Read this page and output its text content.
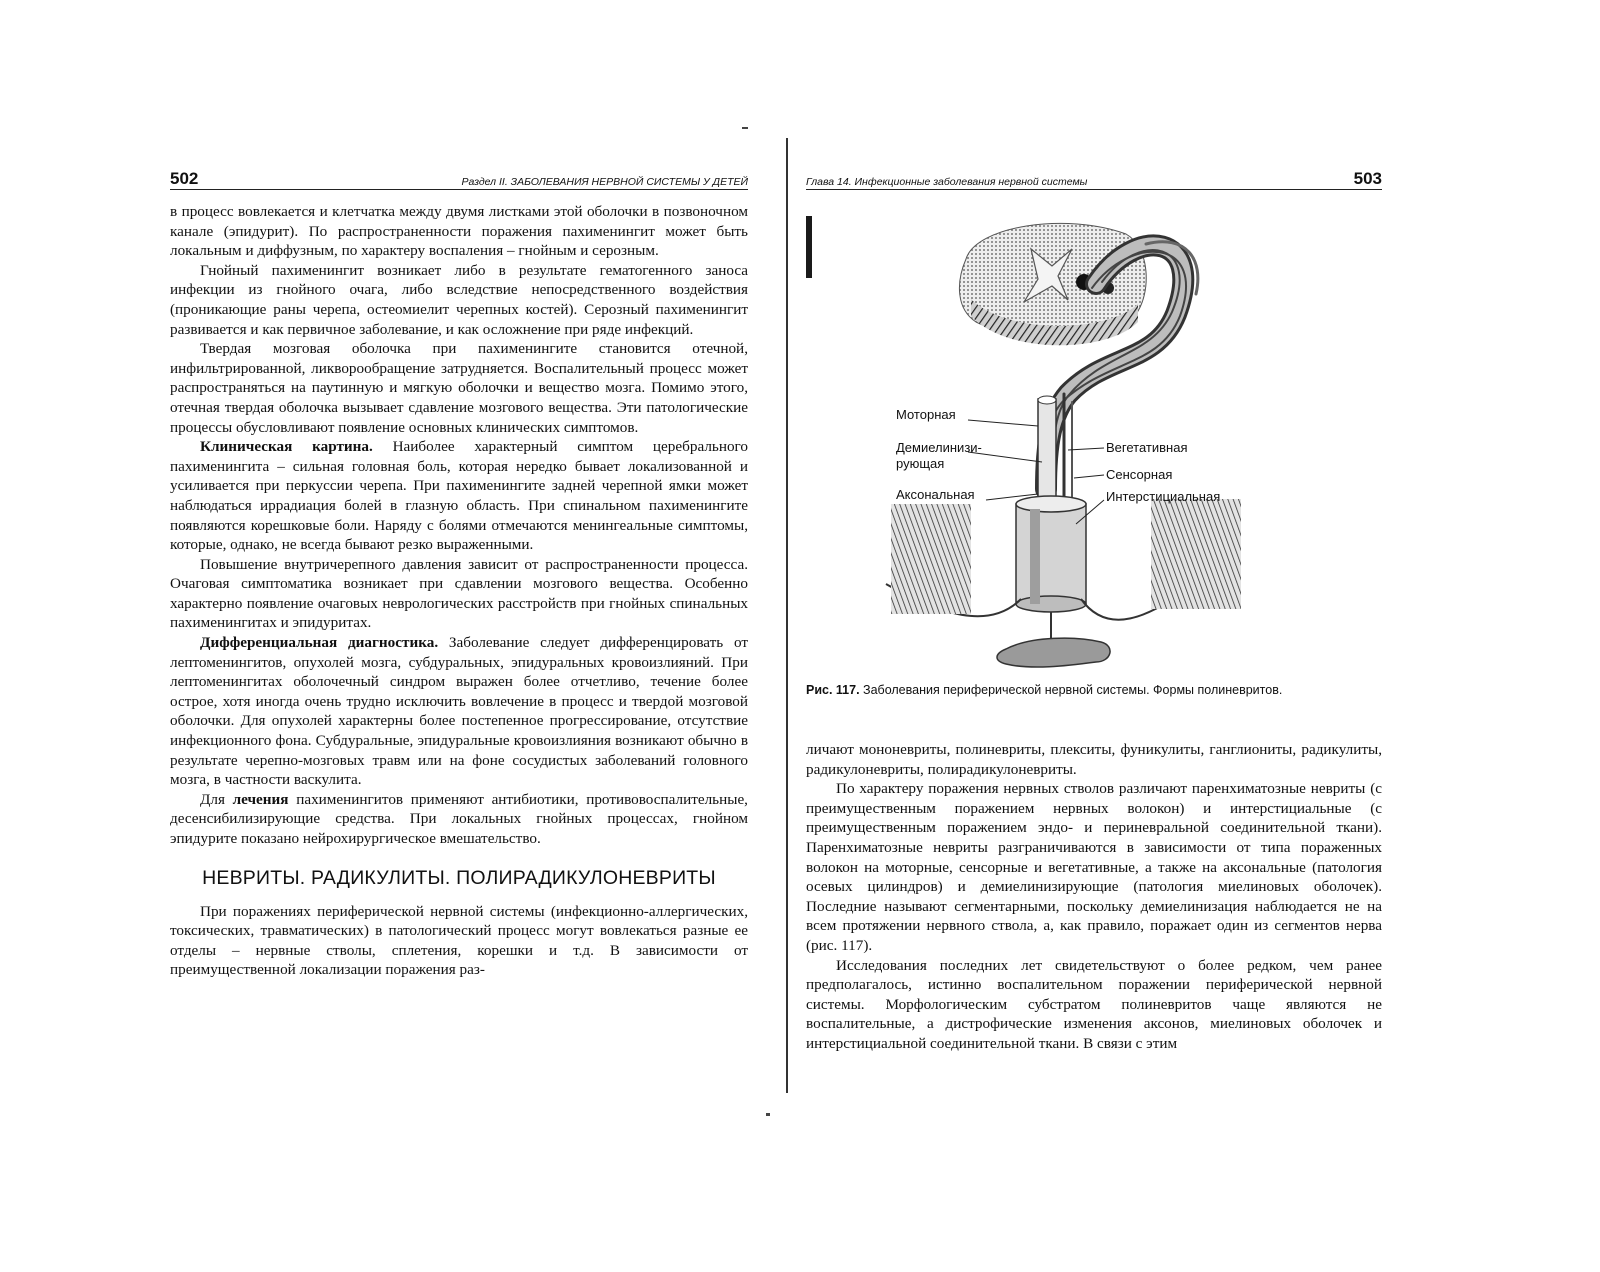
502	Раздел II. ЗАБОЛЕВАНИЯ НЕРВНОЙ СИСТЕМЫ У ДЕТЕЙ

в процесс вовлекается и клетчатка между двумя листками этой оболочки в позвоночном канале (эпидурит). По распространенности поражения пахименингит может быть локальным и диффузным, по характеру воспаления – гнойным и серозным.

Гнойный пахименингит возникает либо в результате гематогенного заноса инфекции из гнойного очага, либо вследствие непосредственного воздействия (проникающие раны черепа, остеомиелит черепных костей). Серозный пахименингит развивается и как первичное заболевание, и как осложнение при ряде инфекций.

Твердая мозговая оболочка при пахименингите становится отечной, инфильтрированной, ликворообращение затрудняется. Воспалительный процесс может распространяться на паутинную и мягкую оболочки и вещество мозга. Помимо этого, отечная твердая оболочка вызывает сдавление мозгового вещества. Эти патологические процессы обусловливают появление основных клинических симптомов.

Клиническая картина. Наиболее характерный симптом церебрального пахименингита – сильная головная боль, которая нередко бывает локализованной и усиливается при перкуссии черепа. При пахименингите задней черепной ямки может наблюдаться иррадиация болей в глазную область. При спинальном пахименингите появляются корешковые боли. Наряду с болями отмечаются менингеальные симптомы, которые, однако, не всегда бывают резко выраженными.

Повышение внутричерепного давления зависит от распространенности процесса. Очаговая симптоматика возникает при сдавлении мозгового вещества. Особенно характерно появление очаговых неврологических расстройств при гнойных спинальных пахименингитах и эпидуритах.

Дифференциальная диагностика. Заболевание следует дифференцировать от лептоменингитов, опухолей мозга, субдуральных, эпидуральных кровоизлияний. При лептоменингитах оболочечный синдром выражен более отчетливо, течение более острое, хотя иногда очень трудно исключить вовлечение в процесс и твердой мозговой оболочки. Для опухолей характерны более постепенное прогрессирование, отсутствие инфекционного фона. Субдуральные, эпидуральные кровоизлияния возникают обычно в результате черепно-мозговых травм или на фоне сосудистых заболеваний головного мозга, в частности васкулита.

Для лечения пахименингитов применяют антибиотики, противовоспалительные, десенсибилизирующие средства. При локальных гнойных процессах, гнойном эпидурите показано нейрохирургическое вмешательство.

НЕВРИТЫ. РАДИКУЛИТЫ. ПОЛИРАДИКУЛОНЕВРИТЫ

При поражениях периферической нервной системы (инфекционно-аллергических, токсических, травматических) в патологический процесс могут вовлекаться разные ее отделы – нервные стволы, сплетения, корешки и т.д. В зависимости от преимущественной локализации поражения раз-

Глава 14. Инфекционные заболевания нервной системы	503
Моторная
Демиелинизи-
рующая
Аксональная
Вегетативная
Сенсорная
Интерстициальная
Рис. 117. Заболевания периферической нервной системы. Формы полиневритов.

личают мононевриты, полиневриты, плекситы, фуникулиты, ганглиониты, радикулиты, радикулоневриты, полирадикулоневриты.

По характеру поражения нервных стволов различают паренхиматозные невриты (с преимущественным поражением нервных волокон) и интерстициальные (с преимущественным поражением эндо- и периневральной соединительной ткани). Паренхиматозные невриты разграничиваются в зависимости от типа пораженных волокон на моторные, сенсорные и вегетативные, а также на аксональные (патология осевых цилиндров) и демиелинизирующие (патология миелиновых оболочек). Последние называют сегментарными, поскольку демиелинизация наблюдается не на всем протяжении нервного ствола, а, как правило, поражает один из сегментов нерва (рис. 117).

Исследования последних лет свидетельствуют о более редком, чем ранее предполагалось, истинно воспалительном поражении периферической нервной системы. Морфологическим субстратом полиневритов чаще являются не воспалительные, а дистрофические изменения аксонов, миелиновых оболочек и интерстициальной соединительной ткани. В связи с этим
